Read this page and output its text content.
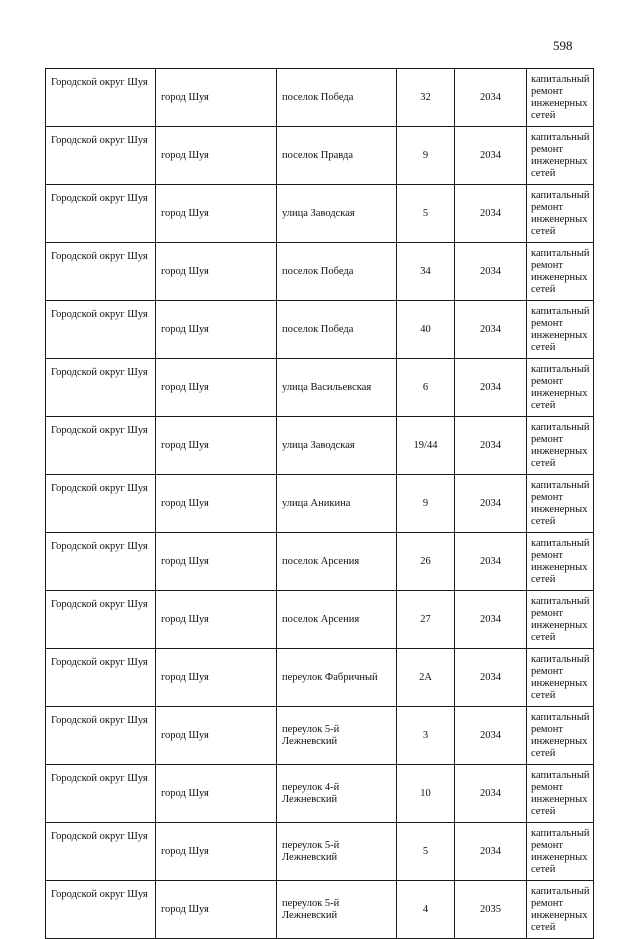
598
Городской округ Шуя	город Шуя	поселок Победа	32	2034	капитальный ремонт инженерных сетей
Городской округ Шуя	город Шуя	поселок Правда	9	2034	капитальный ремонт инженерных сетей
Городской округ Шуя	город Шуя	улица Заводская	5	2034	капитальный ремонт инженерных сетей
Городской округ Шуя	город Шуя	поселок Победа	34	2034	капитальный ремонт инженерных сетей
Городской округ Шуя	город Шуя	поселок Победа	40	2034	капитальный ремонт инженерных сетей
Городской округ Шуя	город Шуя	улица Васильевская	6	2034	капитальный ремонт инженерных сетей
Городской округ Шуя	город Шуя	улица Заводская	19/44	2034	капитальный ремонт инженерных сетей
Городской округ Шуя	город Шуя	улица Аникина	9	2034	капитальный ремонт инженерных сетей
Городской округ Шуя	город Шуя	поселок Арсения	26	2034	капитальный ремонт инженерных сетей
Городской округ Шуя	город Шуя	поселок Арсения	27	2034	капитальный ремонт инженерных сетей
Городской округ Шуя	город Шуя	переулок Фабричный	2А	2034	капитальный ремонт инженерных сетей
Городской округ Шуя	город Шуя	переулок 5-й Лежневский	3	2034	капитальный ремонт инженерных сетей
Городской округ Шуя	город Шуя	переулок 4-й Лежневский	10	2034	капитальный ремонт инженерных сетей
Городской округ Шуя	город Шуя	переулок 5-й Лежневский	5	2034	капитальный ремонт инженерных сетей
Городской округ Шуя	город Шуя	переулок 5-й Лежневский	4	2035	капитальный ремонт инженерных сетей
